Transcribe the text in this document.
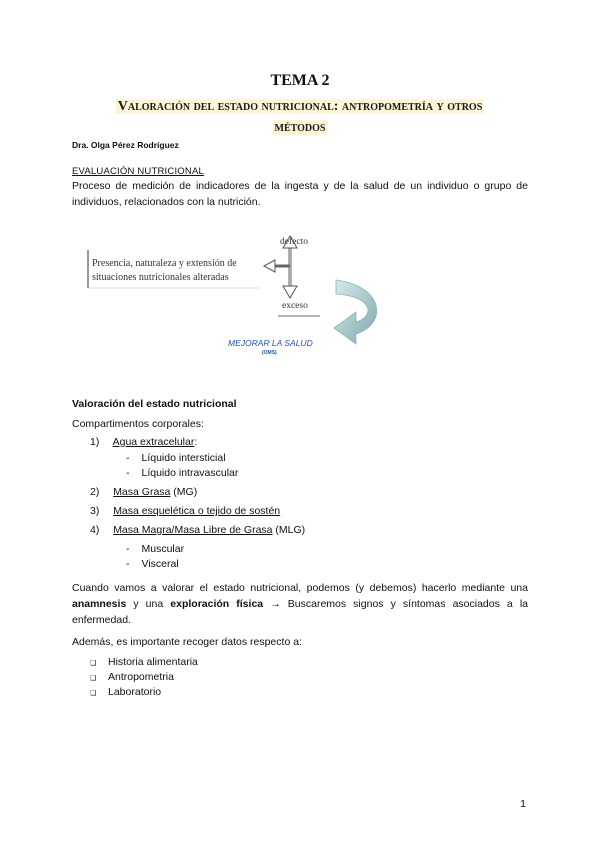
TEMA 2
Valoración del estado nutricional: antropometría y otros
métodos
Dra. Olga Pérez Rodríguez
EVALUACIÓN NUTRICIONAL
Proceso de medición de indicadores de la ingesta y de la salud de un individuo o grupo de individuos, relacionados con la nutrición.
Presencia, naturaleza y extensión de
situaciones nutricionales alteradas
defecto
exceso
MEJORAR LA SALUD
(OMS)
Valoración del estado nutricional
Compartimentos corporales:
1) Agua extracelular:
- Líquido intersticial
- Líquido intravascular
2) Masa Grasa (MG)
3) Masa esquelética o tejido de sostén
4) Masa Magra/Masa Libre de Grasa (MLG)
- Muscular
- Visceral
Cuando vamos a valorar el estado nutricional, podemos (y debemos) hacerlo mediante una anamnesis y una exploración física → Buscaremos signos y síntomas asociados a la enfermedad.
Además, es importante recoger datos respecto a:
❑ Historia alimentaria
❑ Antropometria
❑ Laboratorio
1
